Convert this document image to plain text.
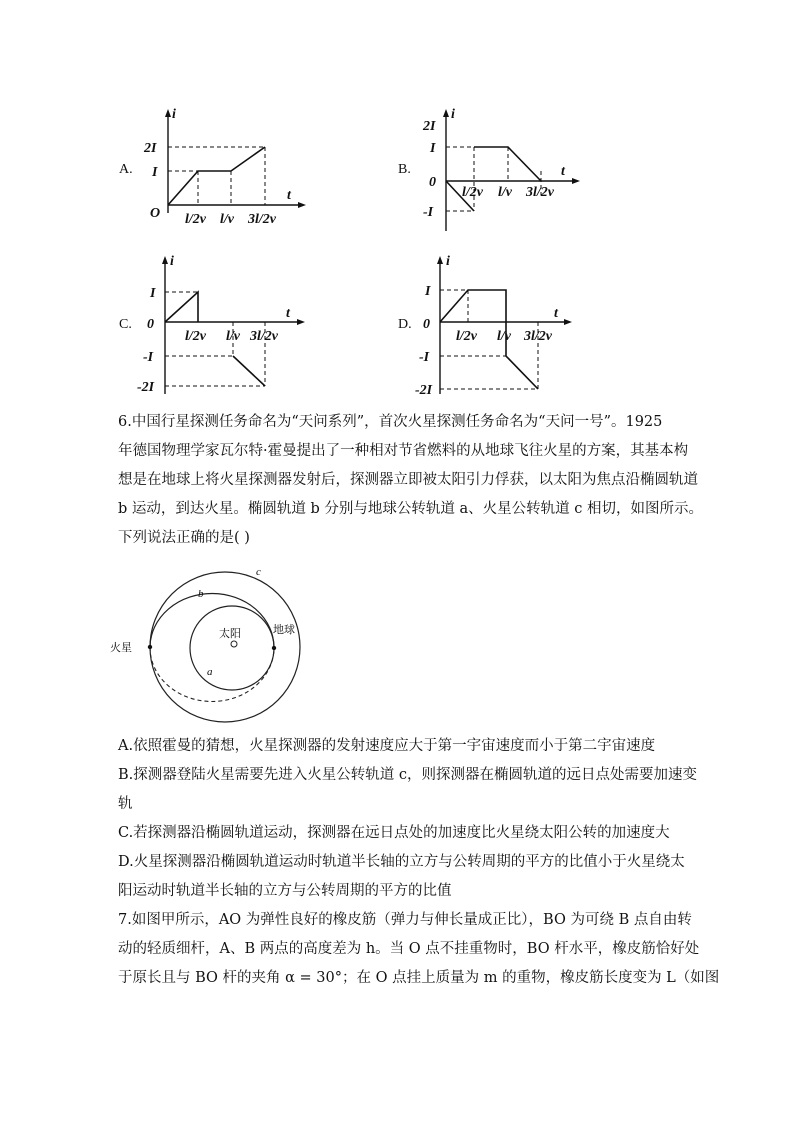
A.
i
t
O
2I
I
l/2v l/v 3l/2v
B.
i
t
0
2I
I
-I
l/2v l/v 3l/2v
C.
i
t
0
I
-I
-2I
l/2v l/v 3l/2v
D.
i
t
0
I
-I
-2I
l/2v l/v 3l/2v
6.中国行星探测任务命名为“天问系列”，首次火星探测任务命名为“天问一号”。1925
年德国物理学家瓦尔特·霍曼提出了一种相对节省燃料的从地球飞往火星的方案，其基本构
想是在地球上将火星探测器发射后，探测器立即被太阳引力俘获，以太阳为焦点沿椭圆轨道
b 运动，到达火星。椭圆轨道 b 分别与地球公转轨道 a、火星公转轨道 c 相切，如图所示。
下列说法正确的是( )
火星
地球
太阳
a
b
c
A.依照霍曼的猜想，火星探测器的发射速度应大于第一宇宙速度而小于第二宇宙速度
B.探测器登陆火星需要先进入火星公转轨道 c，则探测器在椭圆轨道的远日点处需要加速变
轨
C.若探测器沿椭圆轨道运动，探测器在远日点处的加速度比火星绕太阳公转的加速度大
D.火星探测器沿椭圆轨道运动时轨道半长轴的立方与公转周期的平方的比值小于火星绕太
阳运动时轨道半长轴的立方与公转周期的平方的比值
7.如图甲所示，AO 为弹性良好的橡皮筋（弹力与伸长量成正比），BO 为可绕 B 点自由转
动的轻质细杆，A、B 两点的高度差为 h。当 O 点不挂重物时，BO 杆水平，橡皮筋恰好处
于原长且与 BO 杆的夹角 α = 30°；在 O 点挂上质量为 m 的重物，橡皮筋长度变为 L（如图
